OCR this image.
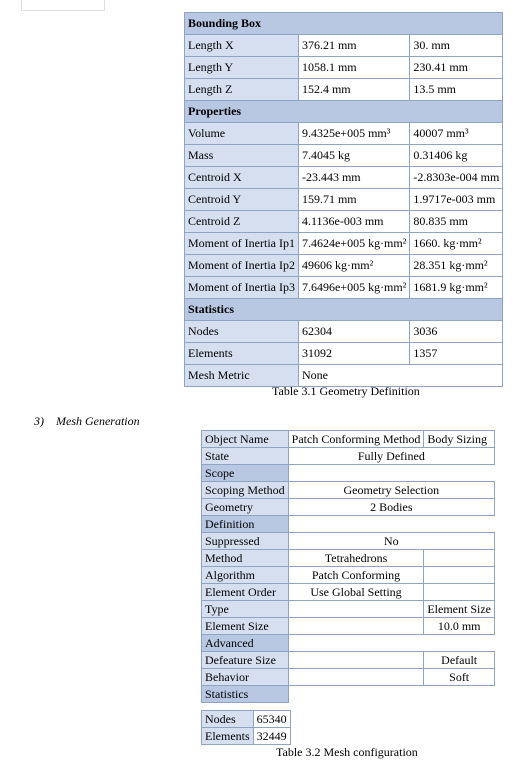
Bounding Box		
Length X	376.21 mm	30. mm
Length Y	1058.1 mm	230.41 mm
Length Z	152.4 mm	13.5 mm
Properties		
Volume	9.4325e+005 mm³	40007 mm³
Mass	7.4045 kg	0.31406 kg
Centroid X	-23.443 mm	-2.8303e-004 mm
Centroid Y	159.71 mm	1.9717e-003 mm
Centroid Z	4.1136e-003 mm	80.835 mm
Moment of Inertia Ip1	7.4624e+005 kg·mm²	1660. kg·mm²
Moment of Inertia Ip2	49606 kg·mm²	28.351 kg·mm²
Moment of Inertia Ip3	7.6496e+005 kg·mm²	1681.9 kg·mm²
Statistics		
Nodes	62304	3036
Elements	31092	1357
Mesh Metric	None	
Table 3.1 Geometry Definition
3)    Mesh Generation
Object Name	Patch Conforming Method	Body Sizing
State	Fully Defined	
Scope		
Scoping Method	Geometry Selection	
Geometry	2 Bodies	
Definition		
Suppressed	No	
Method	Tetrahedrons	
Algorithm	Patch Conforming	
Element Order	Use Global Setting	
Type		Element Size
Element Size		10.0 mm
Advanced		
Defeature Size		Default
Behavior		Soft
Statistics		
Nodes	65340
Elements	32449
Table 3.2 Mesh configuration
